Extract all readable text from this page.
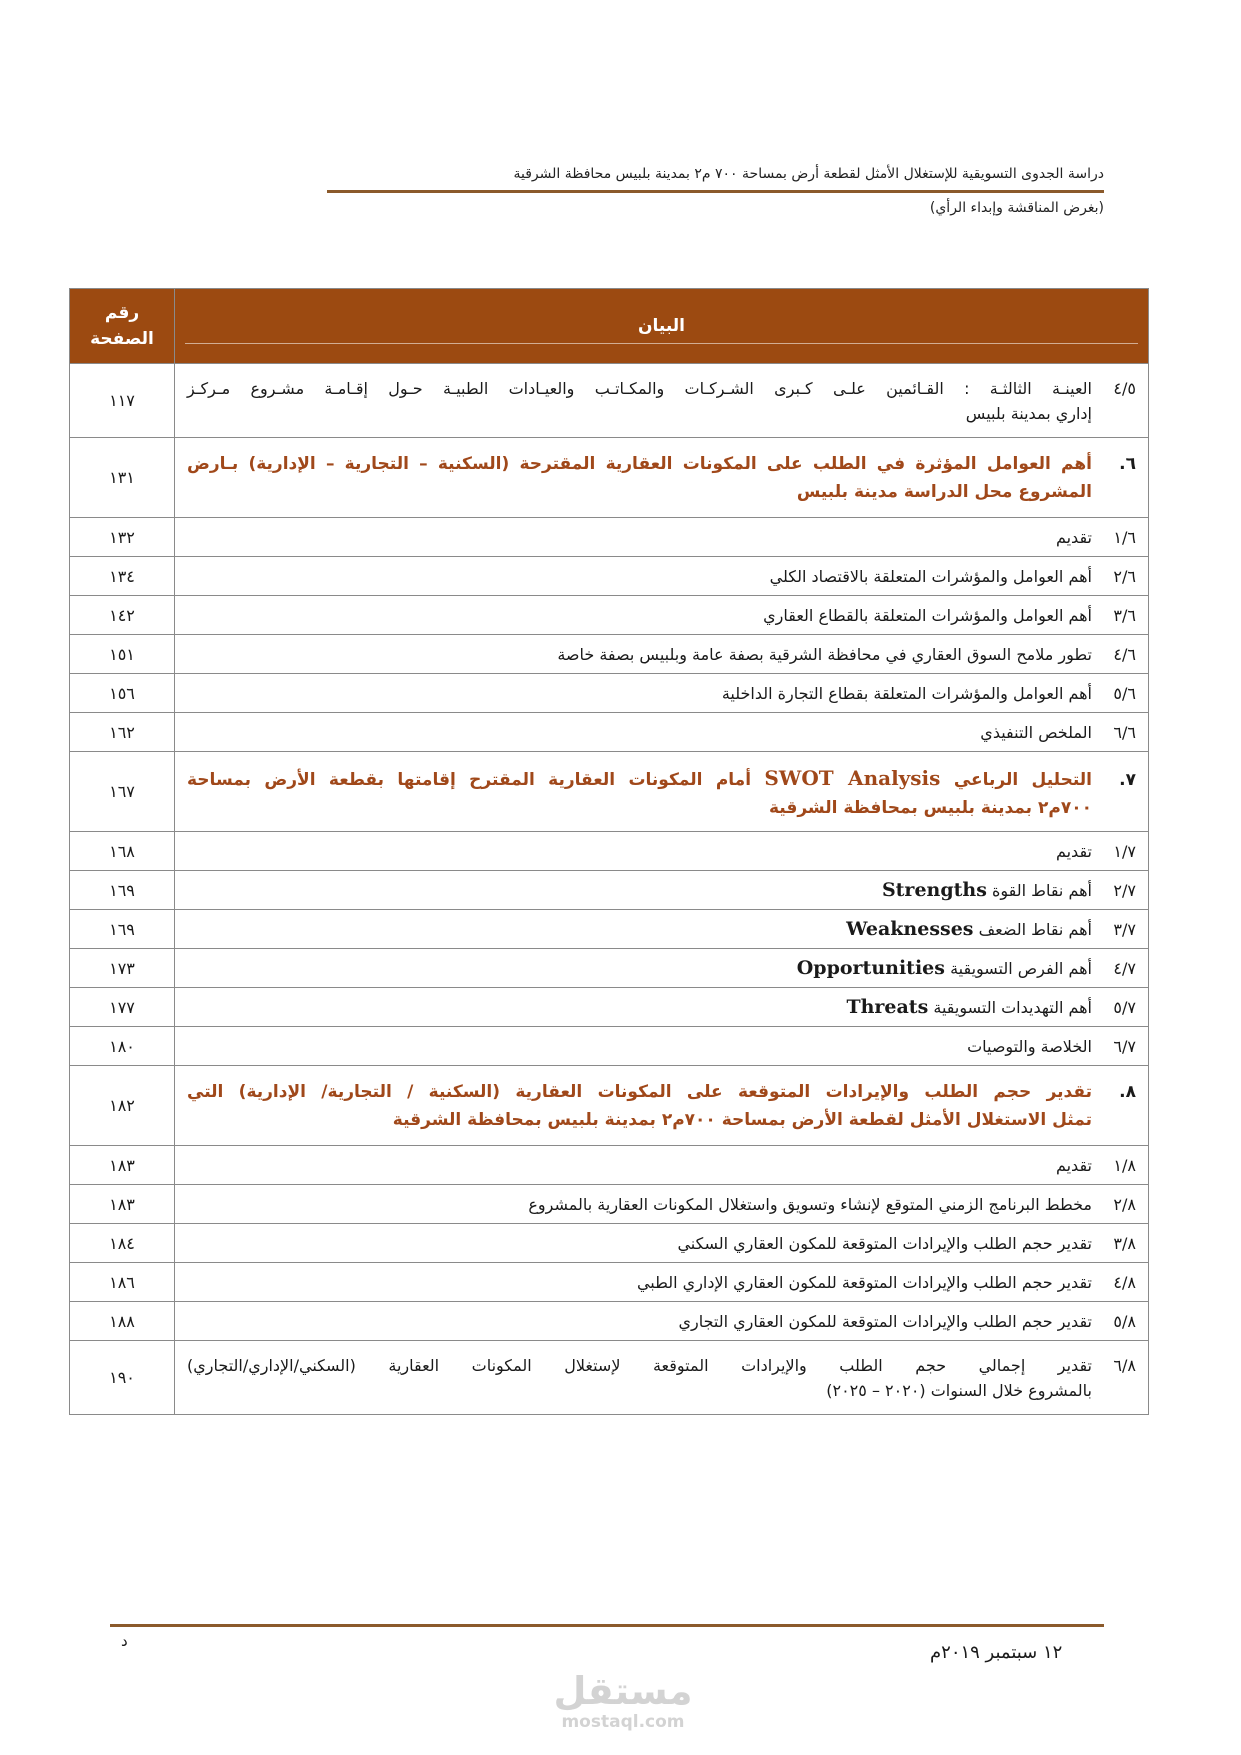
دراسة الجدوى التسويقية للإستغلال الأمثل لقطعة أرض بمساحة ٧٠٠ م٢ بمدينة بلبيس محافظة الشرقية
(بغرض المناقشة وإبداء الرأي)
البيان	رقم
الصفحة

٤/٥
العينـة الثالثـة : القـائمين علـى كـبرى الشـركـات والمكـاتـب والعيـادات الطبيـة حـول إقـامـة مشـروع مـركـز
إداري بمدينة بلبيس	١١٧

٦.
أهم العوامل المؤثرة في الطلب على المكونات العقارية المقترحة (السكنية – التجارية – الإدارية) بـارض
المشروع محل الدراسة مدينة بلبيس	١٣١

١/٦
تقديم	١٣٢

٢/٦
أهم العوامل والمؤشرات المتعلقة بالاقتصاد الكلي	١٣٤

٣/٦
أهم العوامل والمؤشرات المتعلقة بالقطاع العقاري	١٤٢

٤/٦
تطور ملامح السوق العقاري في محافظة الشرقية بصفة عامة وبلبيس بصفة خاصة	١٥١

٥/٦
أهم العوامل والمؤشرات المتعلقة بقطاع التجارة الداخلية	١٥٦

٦/٦
الملخص التنفيذي	١٦٢

٧.
التحليل الرباعي SWOT Analysis أمام المكونات العقارية المقترح إقامتها بقطعة الأرض بمساحة
٧٠٠م٢ بمدينة بلبيس بمحافظة الشرقية	١٦٧

١/٧
تقديم	١٦٨

٢/٧
أهم نقاط القوة Strengths	١٦٩

٣/٧
أهم نقاط الضعف Weaknesses	١٦٩

٤/٧
أهم الفرص التسويقية Opportunities	١٧٣

٥/٧
أهم التهديدات التسويقية Threats	١٧٧

٦/٧
الخلاصة والتوصيات	١٨٠

٨.
تقدير حجم الطلب والإيرادات المتوقعة على المكونات العقارية (السكنية / التجارية/ الإدارية) التي
تمثل الاستغلال الأمثل لقطعة الأرض بمساحة ٧٠٠م٢ بمدينة بلبيس بمحافظة الشرقية	١٨٢

١/٨
تقديم	١٨٣

٢/٨
مخطط البرنامج الزمني المتوقع لإنشاء وتسويق واستغلال المكونات العقارية بالمشروع	١٨٣

٣/٨
تقدير حجم الطلب والإيرادات المتوقعة للمكون العقاري السكني	١٨٤

٤/٨
تقدير حجم الطلب والإيرادات المتوقعة للمكون العقاري الإداري الطبي	١٨٦

٥/٨
تقدير حجم الطلب والإيرادات المتوقعة للمكون العقاري التجاري	١٨٨

٦/٨
تقدير إجمالي حجم الطلب والإيرادات المتوقعة لإستغلال المكونات العقارية (السكني/الإداري/التجاري)
بالمشروع خلال السنوات (٢٠٢٠ – ٢٠٢٥)	١٩٠
١٢ سبتمبر ٢٠١٩م
د
مستقل
mostaql.com
